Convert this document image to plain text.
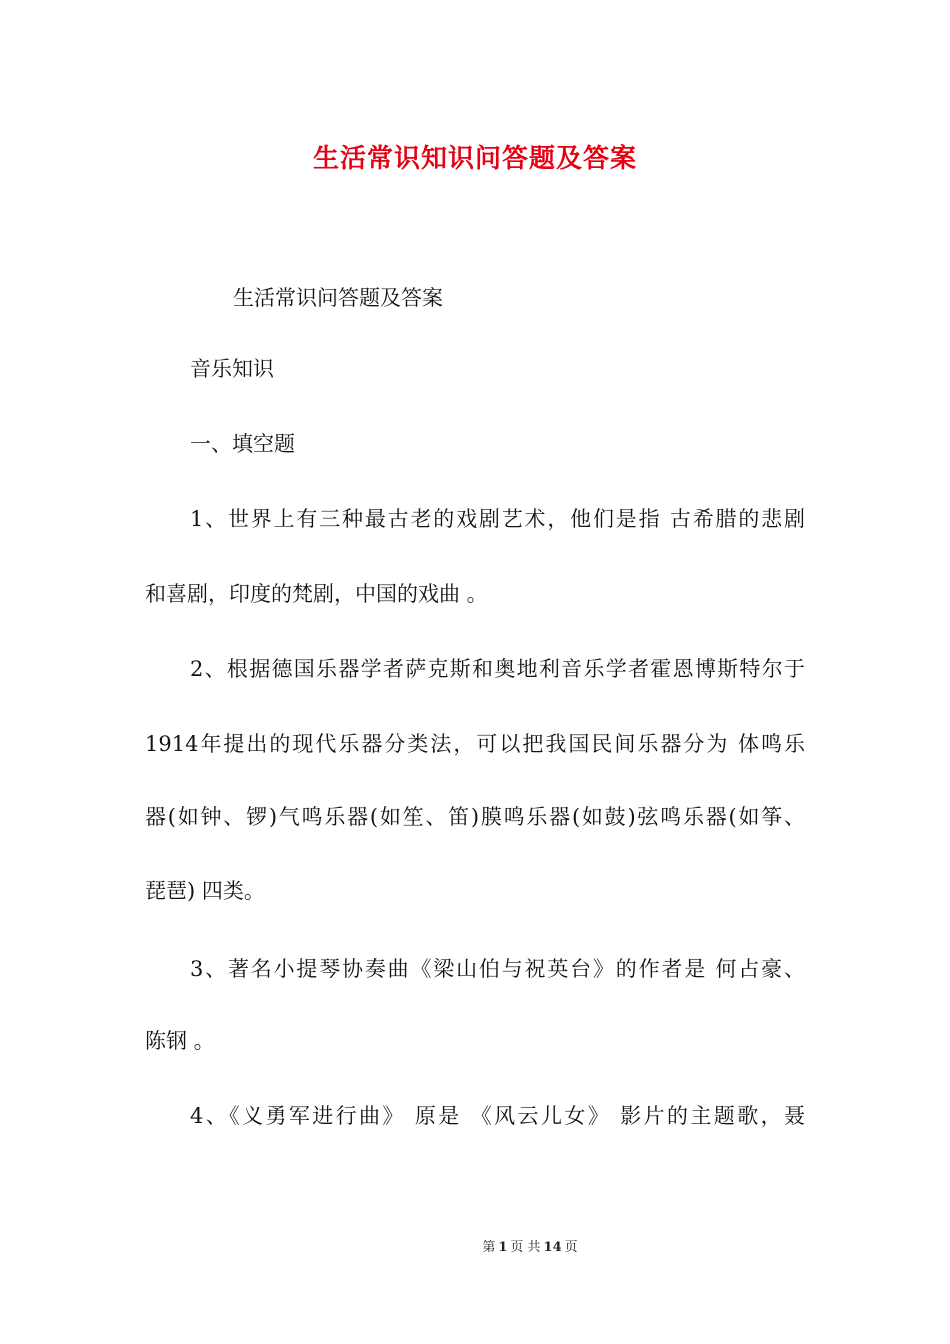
生活常识知识问答题及答案
生活常识问答题及答案
音乐知识
一、填空题
1、世界上有三种最古老的戏剧艺术，他们是指 古希腊的悲剧
和喜剧，印度的梵剧，中国的戏曲 。
2、根据德国乐器学者萨克斯和奥地利音乐学者霍恩博斯特尔于
1914年提出的现代乐器分类法，可以把我国民间乐器分为 体鸣乐
器(如钟、锣)气鸣乐器(如笙、笛)膜鸣乐器(如鼓)弦鸣乐器(如筝、
琵琶) 四类。
3、著名小提琴协奏曲《梁山伯与祝英台》的作者是 何占豪、
陈钢 。
4、《义勇军进行曲》 原是 《风云儿女》 影片的主题歌，聂
第 1 页 共 14 页
